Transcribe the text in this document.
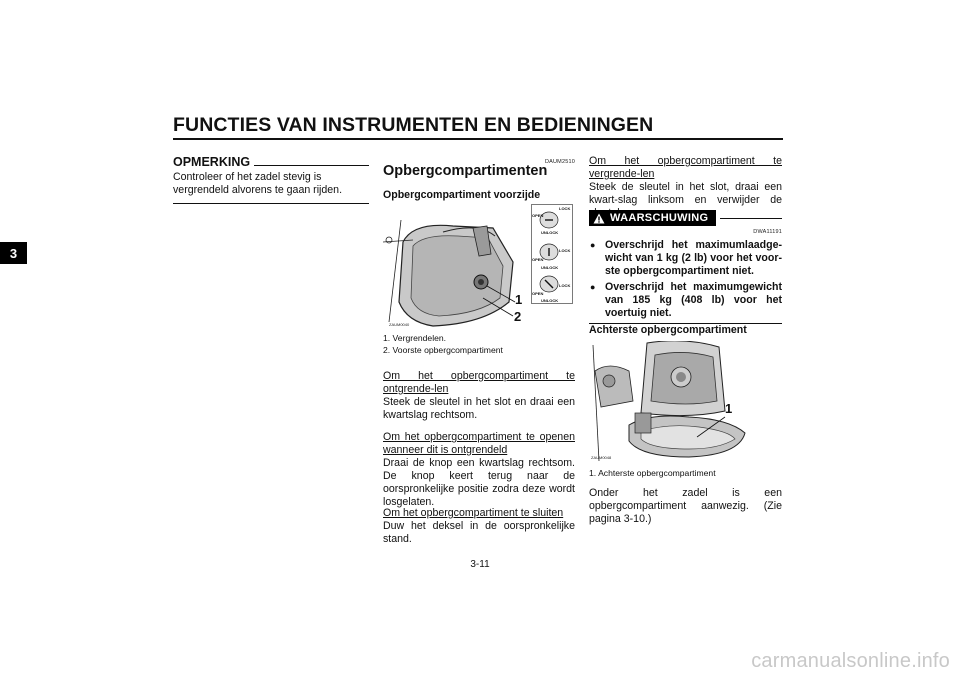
FUNCTIES VAN INSTRUMENTEN EN BEDIENINGEN
3
OPMERKING
Controleer of het zadel stevig is vergrendeld alvorens te gaan rijden.
DAUM2510
Opbergcompartimenten
Opbergcompartiment voorzijde
ZAUM0040
OPEN
LOCK
UNLOCK
OPEN
LOCK
UNLOCK
OPEN
LOCK
UNLOCK
1
2
1. Vergrendelen.
2. Voorste opbergcompartiment
Om het opbergcompartiment te ontgrende-len
Steek de sleutel in het slot en draai een kwartslag rechtsom.
Om het opbergcompartiment te openen wanneer dit is ontgrendeld
Draai de knop een kwartslag rechtsom. De knop keert terug naar de oorspronkelijke positie zodra deze wordt losgelaten.
Om het opbergcompartiment te sluiten
Duw het deksel in de oorspronkelijke stand.
Om het opbergcompartiment te vergrende-len
Steek de sleutel in het slot, draai een kwart-slag linksom en verwijder de
WAARSCHUWING
DWA11191
● Overschrijd het maximumlaadge-wicht van 1 kg (2 lb) voor het voor-ste opbergcompartiment niet.
● Overschrijd het maximumgewicht van 185 kg (408 lb) voor het voertuig niet.
Achterste opbergcompartiment
ZAUM0048
1
1. Achterste opbergcompartiment
Onder het zadel is een opbergcompartiment aanwezig. (Zie pagina 3-10.)
3-11
carmanualsonline.info
